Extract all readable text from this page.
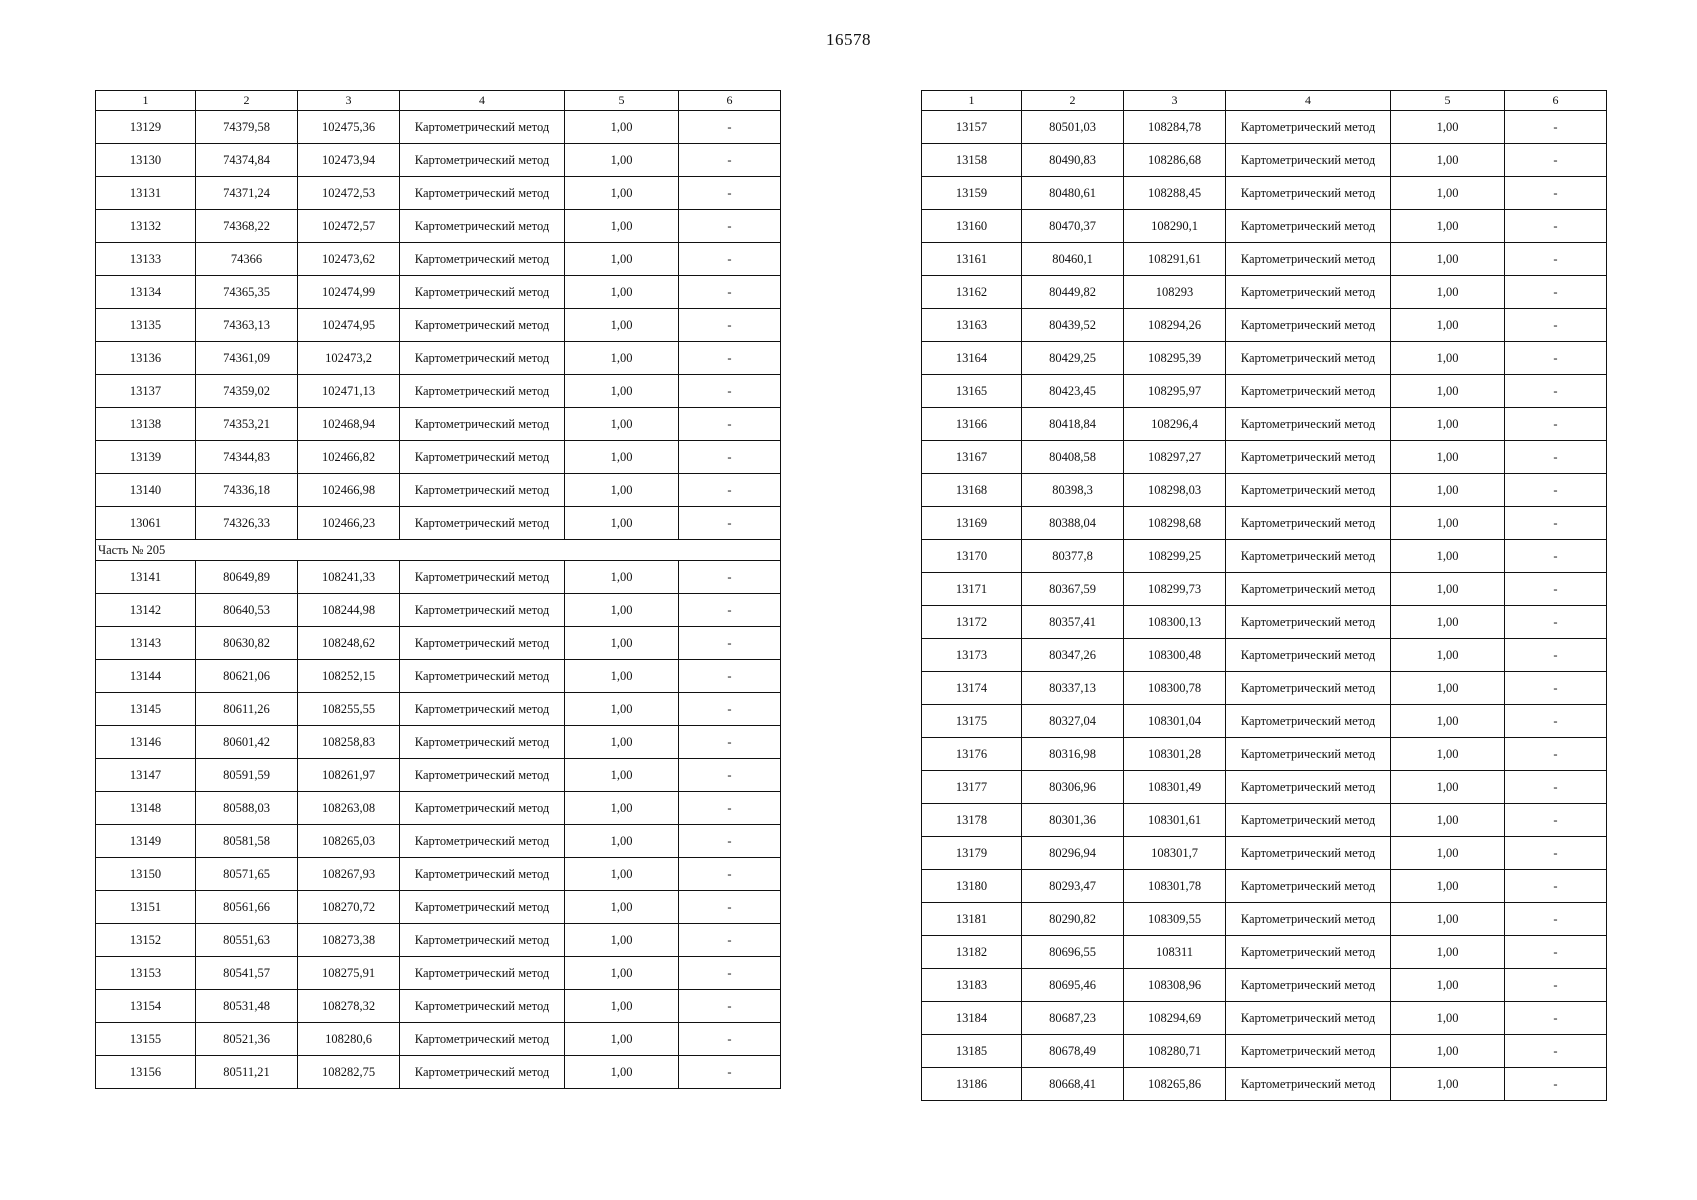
16578
1	2	3	4	5	6
13129	74379,58	102475,36	Картометрический метод	1,00	-
13130	74374,84	102473,94	Картометрический метод	1,00	-
13131	74371,24	102472,53	Картометрический метод	1,00	-
13132	74368,22	102472,57	Картометрический метод	1,00	-
13133	74366	102473,62	Картометрический метод	1,00	-
13134	74365,35	102474,99	Картометрический метод	1,00	-
13135	74363,13	102474,95	Картометрический метод	1,00	-
13136	74361,09	102473,2	Картометрический метод	1,00	-
13137	74359,02	102471,13	Картометрический метод	1,00	-
13138	74353,21	102468,94	Картометрический метод	1,00	-
13139	74344,83	102466,82	Картометрический метод	1,00	-
13140	74336,18	102466,98	Картометрический метод	1,00	-
13061	74326,33	102466,23	Картометрический метод	1,00	-
Часть № 205					
13141	80649,89	108241,33	Картометрический метод	1,00	-
13142	80640,53	108244,98	Картометрический метод	1,00	-
13143	80630,82	108248,62	Картометрический метод	1,00	-
13144	80621,06	108252,15	Картометрический метод	1,00	-
13145	80611,26	108255,55	Картометрический метод	1,00	-
13146	80601,42	108258,83	Картометрический метод	1,00	-
13147	80591,59	108261,97	Картометрический метод	1,00	-
13148	80588,03	108263,08	Картометрический метод	1,00	-
13149	80581,58	108265,03	Картометрический метод	1,00	-
13150	80571,65	108267,93	Картометрический метод	1,00	-
13151	80561,66	108270,72	Картометрический метод	1,00	-
13152	80551,63	108273,38	Картометрический метод	1,00	-
13153	80541,57	108275,91	Картометрический метод	1,00	-
13154	80531,48	108278,32	Картометрический метод	1,00	-
13155	80521,36	108280,6	Картометрический метод	1,00	-
13156	80511,21	108282,75	Картометрический метод	1,00	-
1	2	3	4	5	6
13157	80501,03	108284,78	Картометрический метод	1,00	-
13158	80490,83	108286,68	Картометрический метод	1,00	-
13159	80480,61	108288,45	Картометрический метод	1,00	-
13160	80470,37	108290,1	Картометрический метод	1,00	-
13161	80460,1	108291,61	Картометрический метод	1,00	-
13162	80449,82	108293	Картометрический метод	1,00	-
13163	80439,52	108294,26	Картометрический метод	1,00	-
13164	80429,25	108295,39	Картометрический метод	1,00	-
13165	80423,45	108295,97	Картометрический метод	1,00	-
13166	80418,84	108296,4	Картометрический метод	1,00	-
13167	80408,58	108297,27	Картометрический метод	1,00	-
13168	80398,3	108298,03	Картометрический метод	1,00	-
13169	80388,04	108298,68	Картометрический метод	1,00	-
13170	80377,8	108299,25	Картометрический метод	1,00	-
13171	80367,59	108299,73	Картометрический метод	1,00	-
13172	80357,41	108300,13	Картометрический метод	1,00	-
13173	80347,26	108300,48	Картометрический метод	1,00	-
13174	80337,13	108300,78	Картометрический метод	1,00	-
13175	80327,04	108301,04	Картометрический метод	1,00	-
13176	80316,98	108301,28	Картометрический метод	1,00	-
13177	80306,96	108301,49	Картометрический метод	1,00	-
13178	80301,36	108301,61	Картометрический метод	1,00	-
13179	80296,94	108301,7	Картометрический метод	1,00	-
13180	80293,47	108301,78	Картометрический метод	1,00	-
13181	80290,82	108309,55	Картометрический метод	1,00	-
13182	80696,55	108311	Картометрический метод	1,00	-
13183	80695,46	108308,96	Картометрический метод	1,00	-
13184	80687,23	108294,69	Картометрический метод	1,00	-
13185	80678,49	108280,71	Картометрический метод	1,00	-
13186	80668,41	108265,86	Картометрический метод	1,00	-
